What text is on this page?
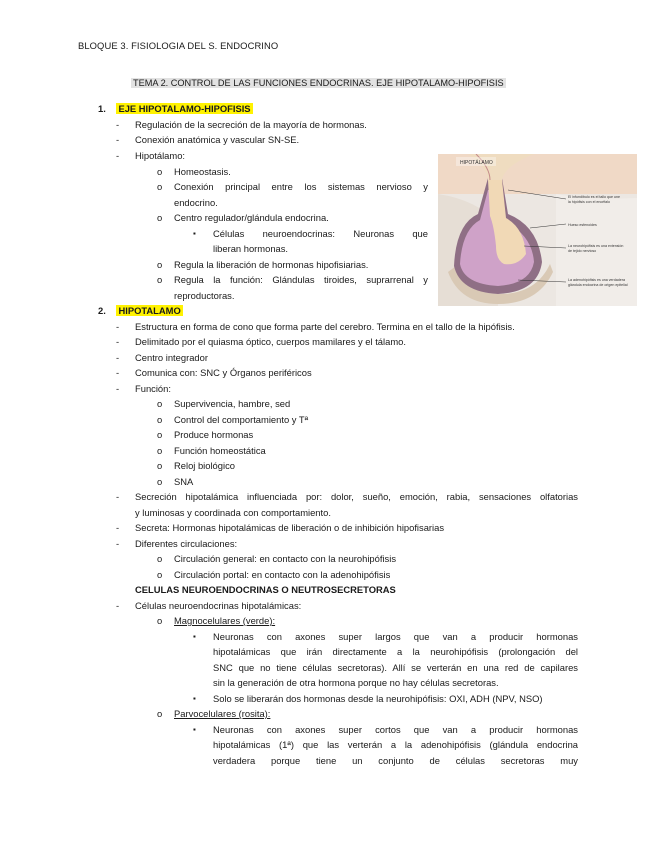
BLOQUE 3. FISIOLOGIA DEL S. ENDOCRINO
TEMA 2. CONTROL DE LAS FUNCIONES ENDOCRINAS. EJE HIPOTALAMO-HIPOFISIS
1. EJE HIPOTALAMO-HIPOFISIS
- Regulación de la secreción de la mayoría de hormonas.
- Conexión anatómica y vascular SN-SE.
- Hipotálamo:
o Homeostasis.
o Conexión principal entre los sistemas nervioso y
endocrino.
o Centro regulador/glándula endocrina.
▪ Células neuroendocrinas: Neuronas que
liberan hormonas.
o Regula la liberación de hormonas hipofisiarias.
o Regula la función: Glándulas tiroides, suprarrenal y
reproductoras.
HIPOTÁLAMO
El infundíbulo es el tallo que une
la hipófisis con el encéfalo
Hueso esfenoides
La neurohipófisis es una extensión
de tejido nervioso
La adenohipófisis es una verdadera
glándula endocrina de origen epitelial
2. HIPOTALAMO
- Estructura en forma de cono que forma parte del cerebro. Termina en el tallo de la hipófisis.
- Delimitado por el quiasma óptico, cuerpos mamilares y el tálamo.
- Centro integrador
- Comunica con: SNC y Órganos periféricos
- Función:
o Supervivencia, hambre, sed
o Control del comportamiento y Tª
o Produce hormonas
o Función homeostática
o Reloj biológico
o SNA
- Secreción hipotalámica influenciada por: dolor, sueño, emoción, rabia, sensaciones olfatorias
y luminosas y coordinada con comportamiento.
- Secreta: Hormonas hipotalámicas de liberación o de inhibición hipofisarias
- Diferentes circulaciones:
o Circulación general: en contacto con la neurohipófisis
o Circulación portal: en contacto con la adenohipófisis
CELULAS NEUROENDOCRINAS O NEUTROSECRETORAS
- Células neuroendocrinas hipotalámicas:
o Magnocelulares (verde):
▪ Neuronas con axones super largos que van a producir hormonas
hipotalámicas que irán directamente a la neurohipófisis (prolongación del
SNC que no tiene células secretoras). Allí se verterán en una red de capilares
sin la generación de otra hormona porque no hay células secretoras.
▪ Solo se liberarán dos hormonas desde la neurohipófisis: OXI, ADH (NPV, NSO)
o Parvocelulares (rosita):
▪ Neuronas con axones super cortos que van a producir hormonas
hipotalámicas (1ª) que las verterán a la adenohipófisis (glándula endocrina
verdadera porque tiene un conjunto de células secretoras muy
